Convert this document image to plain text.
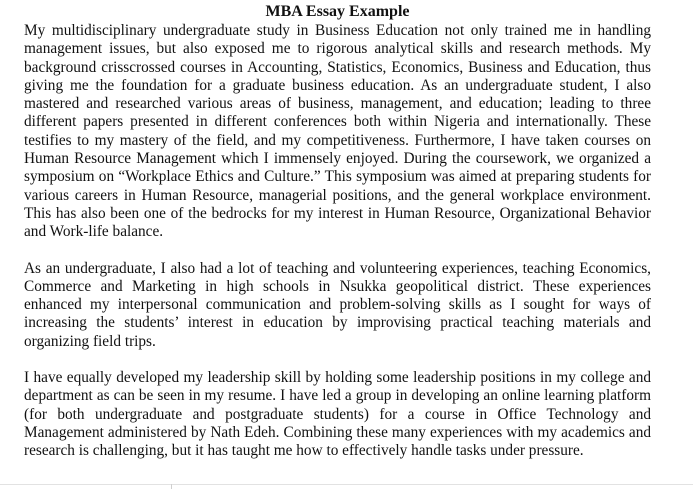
MBA Essay Example

My multidisciplinary undergraduate study in Business Education not only trained me in handling management issues, but also exposed me to rigorous analytical skills and research methods. My background crisscrossed courses in Accounting, Statistics, Economics, Business and Education, thus giving me the foundation for a graduate business education. As an undergraduate student, I also mastered and researched various areas of business, management, and education; leading to three different papers presented in different conferences both within Nigeria and internationally. These testifies to my mastery of the field, and my competitiveness. Furthermore, I have taken courses on Human Resource Management which I immensely enjoyed. During the coursework, we organized a symposium on “Workplace Ethics and Culture.” This symposium was aimed at preparing students for various careers in Human Resource, managerial positions, and the general workplace environment. This has also been one of the bedrocks for my interest in Human Resource, Organizational Behavior and Work-life balance.

As an undergraduate, I also had a lot of teaching and volunteering experiences, teaching Economics, Commerce and Marketing in high schools in Nsukka geopolitical district. These experiences enhanced my interpersonal communication and problem-solving skills as I sought for ways of increasing the students’ interest in education by improvising practical teaching materials and organizing field trips.

I have equally developed my leadership skill by holding some leadership positions in my college and department as can be seen in my resume. I have led a group in developing an online learning platform (for both undergraduate and postgraduate students) for a course in Office Technology and Management administered by Nath Edeh. Combining these many experiences with my academics and research is challenging, but it has taught me how to effectively handle tasks under pressure.
